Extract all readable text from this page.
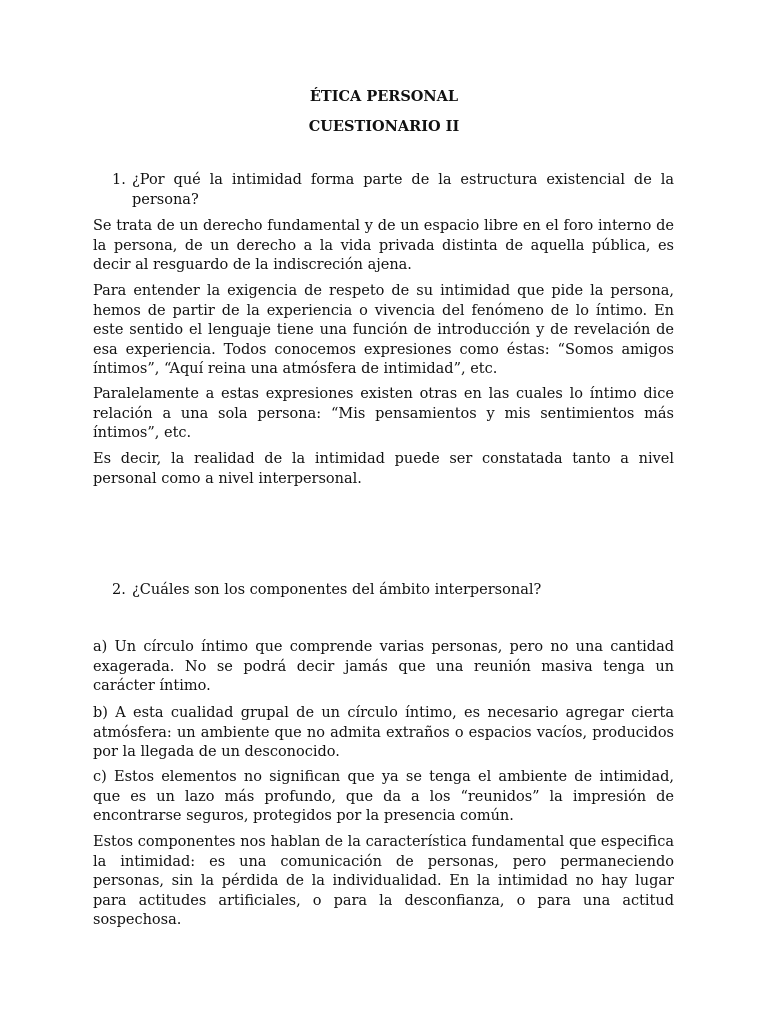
ÉTICA PERSONAL
CUESTIONARIO II
1. ¿Por qué la intimidad forma parte de la estructura existencial de la persona?

Se trata de un derecho fundamental y de un espacio libre en el foro interno de la persona, de un derecho a la vida privada distinta de aquella pública, es decir al resguardo de la indiscreción ajena.

Para entender la exigencia de respeto de su intimidad que pide la persona, hemos de partir de la experiencia o vivencia del fenómeno de lo íntimo. En este sentido el lenguaje tiene una función de introducción y de revelación de esa experiencia. Todos conocemos expresiones como éstas: “Somos amigos íntimos”, “Aquí reina una atmósfera de intimidad”, etc.

Paralelamente a estas expresiones existen otras en las cuales lo íntimo dice relación a una sola persona: “Mis pensamientos y mis sentimientos más íntimos”, etc.

Es decir, la realidad de la intimidad puede ser constatada tanto a nivel personal como a nivel interpersonal.

2. ¿Cuáles son los componentes del ámbito interpersonal?

a) Un círculo íntimo que comprende varias personas, pero no una cantidad exagerada. No se podrá decir jamás que una reunión masiva tenga un carácter íntimo.

b) A esta cualidad grupal de un círculo íntimo, es necesario agregar cierta atmósfera: un ambiente que no admita extraños o espacios vacíos, producidos por la llegada de un desconocido.

c) Estos elementos no significan que ya se tenga el ambiente de intimidad, que es un lazo más profundo, que da a los “reunidos” la impresión de encontrarse seguros, protegidos por la presencia común.

Estos componentes nos hablan de la característica fundamental que especifica la intimidad: es una comunicación de personas, pero permaneciendo personas, sin la pérdida de la individualidad. En la intimidad no hay lugar para actitudes artificiales, o para la desconfianza, o para una actitud sospechosa.
